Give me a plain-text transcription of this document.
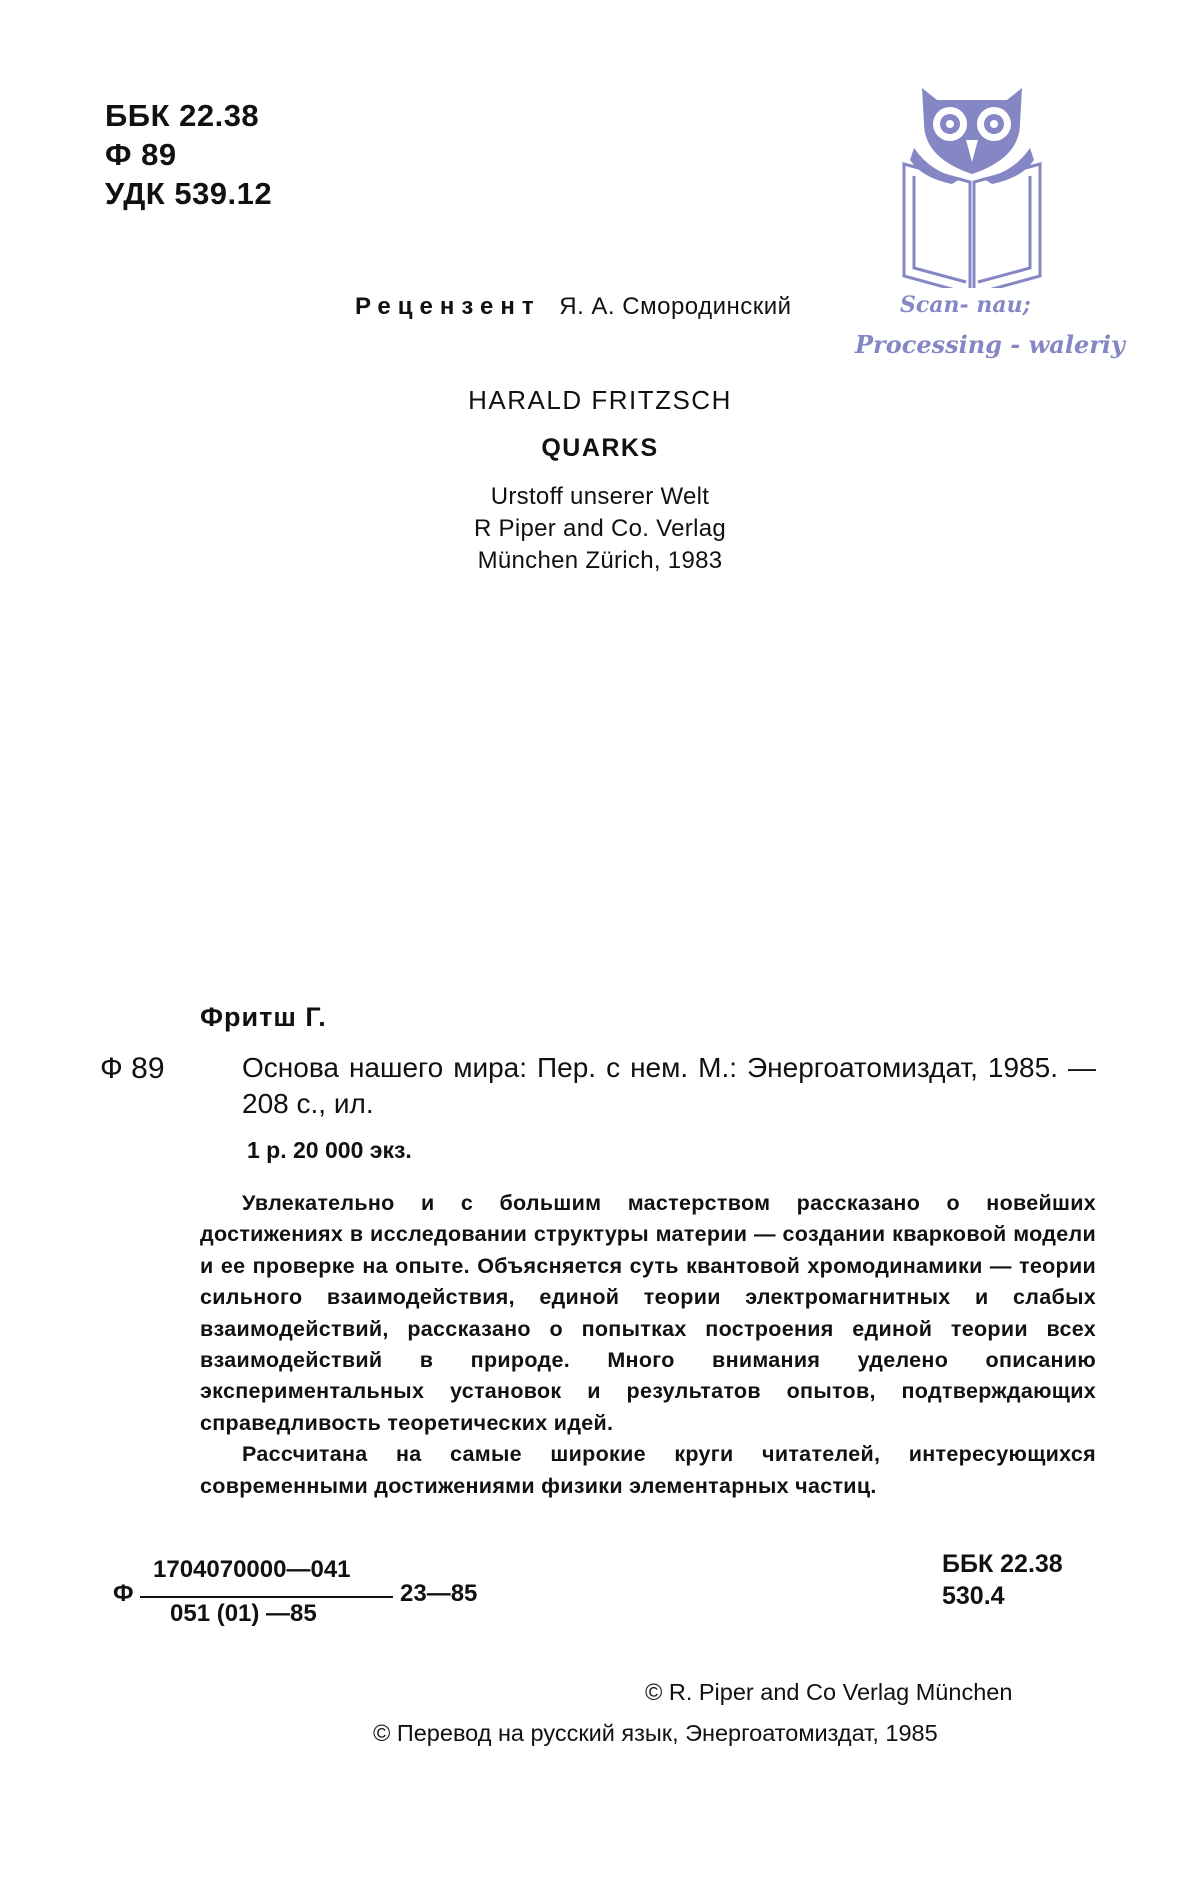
ББК 22.38
Ф 89
УДК 539.12
Scan- nau;
Processing - waleriy
Рецензент Я. А. Смородинский
HARALD FRITZSCH
QUARKS
Urstoff unserer Welt
R Piper and Co. Verlag
München Zürich, 1983
Фритш Г.
Ф 89	Основа нашего мира: Пер. с нем. М.: Энергоатомиздат, 1985. — 208 с., ил.
1 р. 20 000 экз.

Увлекательно и с большим мастерством рассказано о новейших достижениях в исследовании структуры материи — создании кварковой модели и ее проверке на опыте. Объясняется суть квантовой хромодинамики — теории сильного взаимодействия, единой теории электромагнитных и слабых взаимодействий, рассказано о попытках построения единой теории всех взаимодействий в природе. Много внимания уделено описанию экспериментальных установок и результатов опытов, подтверждающих справедливость теоретических идей.

Рассчитана на самые широкие круги читателей, интересующихся современными достижениями физики элементарных частиц.

Ф
1704070000—041
051 (01) —85
23—85
ББК 22.38
530.4
© R. Piper and Co Verlag München
© Перевод на русский язык, Энергоатомиздат, 1985
